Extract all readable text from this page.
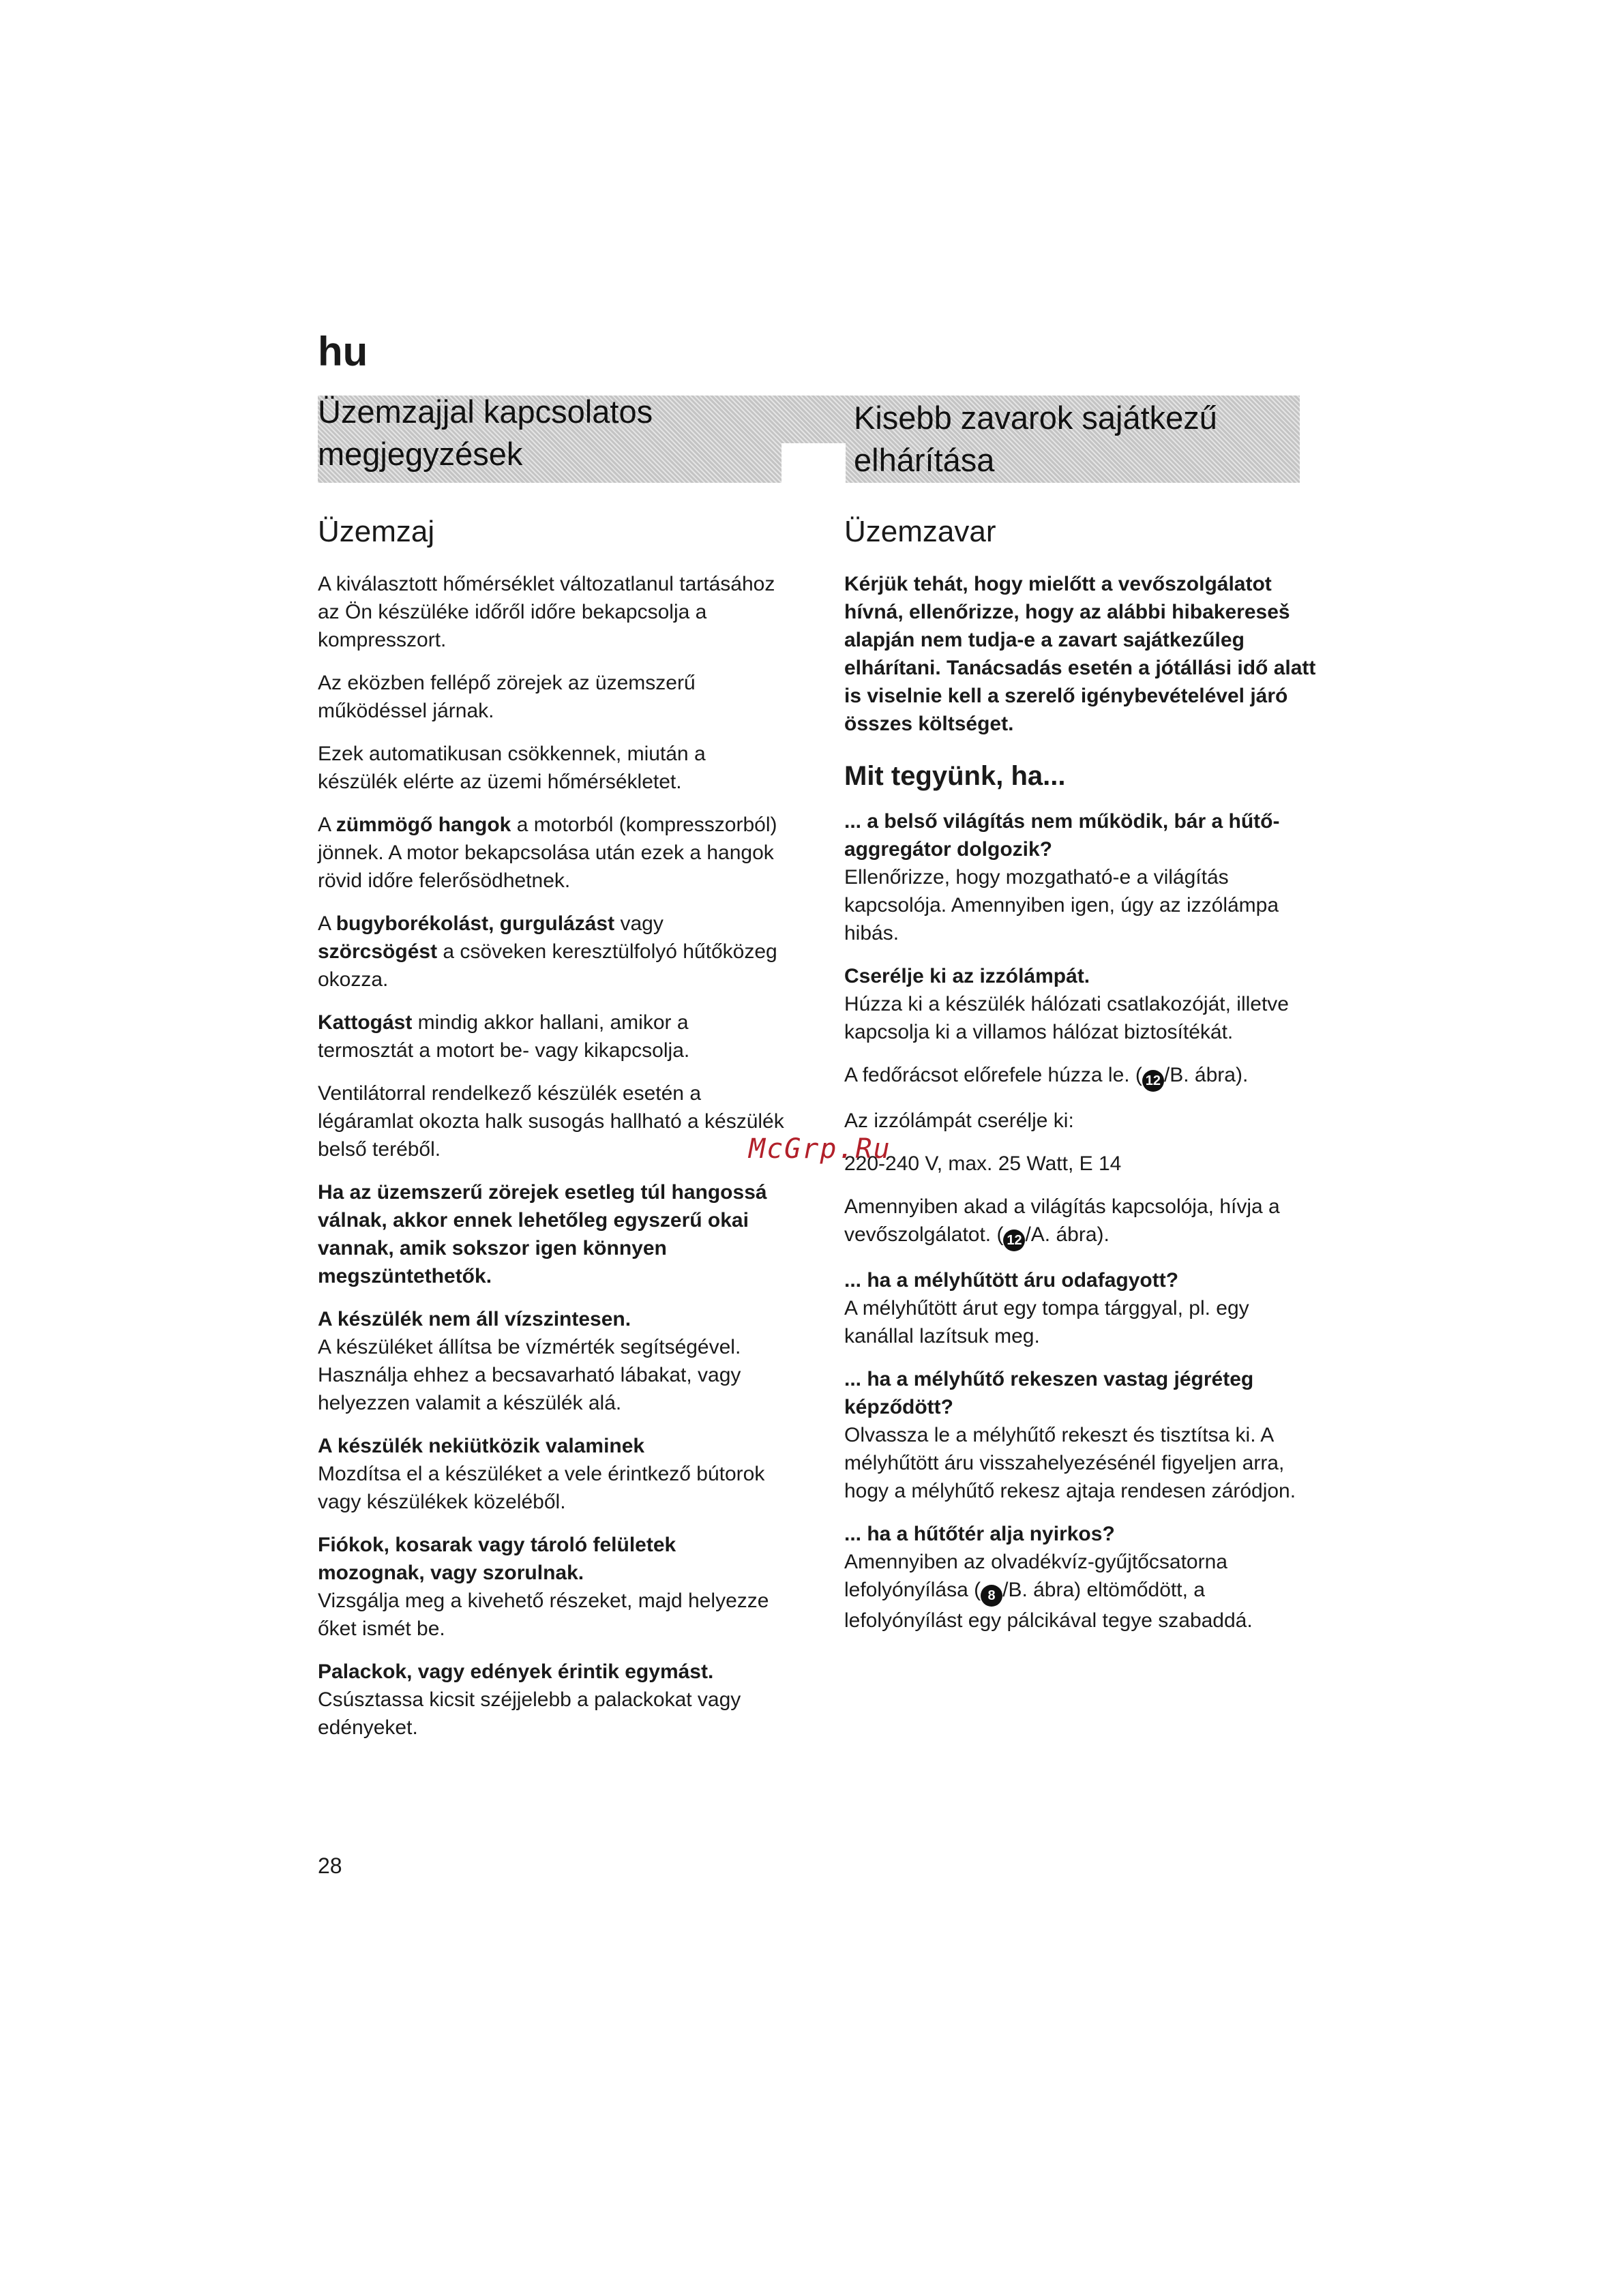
hu
Üzemzajjal kapcsolatos
megjegyzések
Kisebb zavarok sajátkezű
elhárítása
Üzemzaj

A kiválasztott hőmérséklet változatlanul tartásához az Ön készüléke időről időre bekapcsolja a kompresszort.

Az eközben fellépő zörejek az üzemszerű működéssel járnak.

Ezek automatikusan csökkennek, miután a készülék elérte az üzemi hőmérsékletet.

A zümmögő hangok a motorból (kompresszorból) jönnek. A motor bekapcsolása után ezek a hangok rövid időre felerősödhetnek.

A bugyborékolást, gurgulázást vagy szörcsögést a csöveken keresztülfolyó hűtőközeg okozza.

Kattogást mindig akkor hallani, amikor a termosztát a motort be- vagy kikapcsolja.

Ventilátorral rendelkező készülék esetén a légáramlat okozta halk susogás hallható a készülék belső teréből.

Ha az üzemszerű zörejek esetleg túl hangossá válnak, akkor ennek lehetőleg egyszerű okai vannak, amik sokszor igen könnyen megszüntethetők.

A készülék nem áll vízszintesen.
A készüléket állítsa be vízmérték segítségével. Használja ehhez a becsavarható lábakat, vagy helyezzen valamit a készülék alá.

A készülék nekiütközik valaminek
Mozdítsa el a készüléket a vele érintkező bútorok vagy készülékek közeléből.

Fiókok, kosarak vagy tároló felületek mozognak, vagy szorulnak.
Vizsgálja meg a kivehető részeket, majd helyezze őket ismét be.

Palackok, vagy edények érintik egymást.
Csúsztassa kicsit széjjelebb a palackokat vagy edényeket.

Üzemzavar

Kérjük tehát, hogy mielőtt a vevőszolgálatot hívná, ellenőrizze, hogy az alábbi hibakereseš alapján nem tudja-e a zavart sajátkezűleg elhárítani. Tanácsadás esetén a jótállási idő alatt is viselnie kell a szerelő igénybevételével járó összes költséget.

Mit tegyünk, ha...

... a belső világítás nem működik, bár a hűtő-aggregátor dolgozik?
Ellenőrizze, hogy mozgatható-e a világítás kapcsolója. Amennyiben igen, úgy az izzólámpa hibás.

Cserélje ki az izzólámpát.
Húzza ki a készülék hálózati csatlakozóját, illetve kapcsolja ki a villamos hálózat biztosítékát.

A fedőrácsot előrefele húzza le. ( 12 /B. ábra).

Az izzólámpát cserélje ki:

220-240 V, max. 25 Watt, E 14

Amennyiben akad a világítás kapcsolója, hívja a vevőszolgálatot. ( 12 /A. ábra).

... ha a mélyhűtött áru odafagyott?
A mélyhűtött árut egy tompa tárggyal, pl. egy kanállal lazítsuk meg.

... ha a mélyhűtő rekeszen vastag jégréteg képződött?
Olvassza le a mélyhűtő rekeszt és tisztítsa ki. A mélyhűtött áru visszahelyezésénél figyeljen arra, hogy a mélyhűtő rekesz ajtaja rendesen záródjon.

... ha a hűtőtér alja nyirkos?
Amennyiben az olvadékvíz-gyűjtőcsatorna lefolyónyílása ( 8 /B. ábra) eltömődött, a lefolyónyílást egy pálcikával tegye szabaddá.

McGrp.Ru
28
